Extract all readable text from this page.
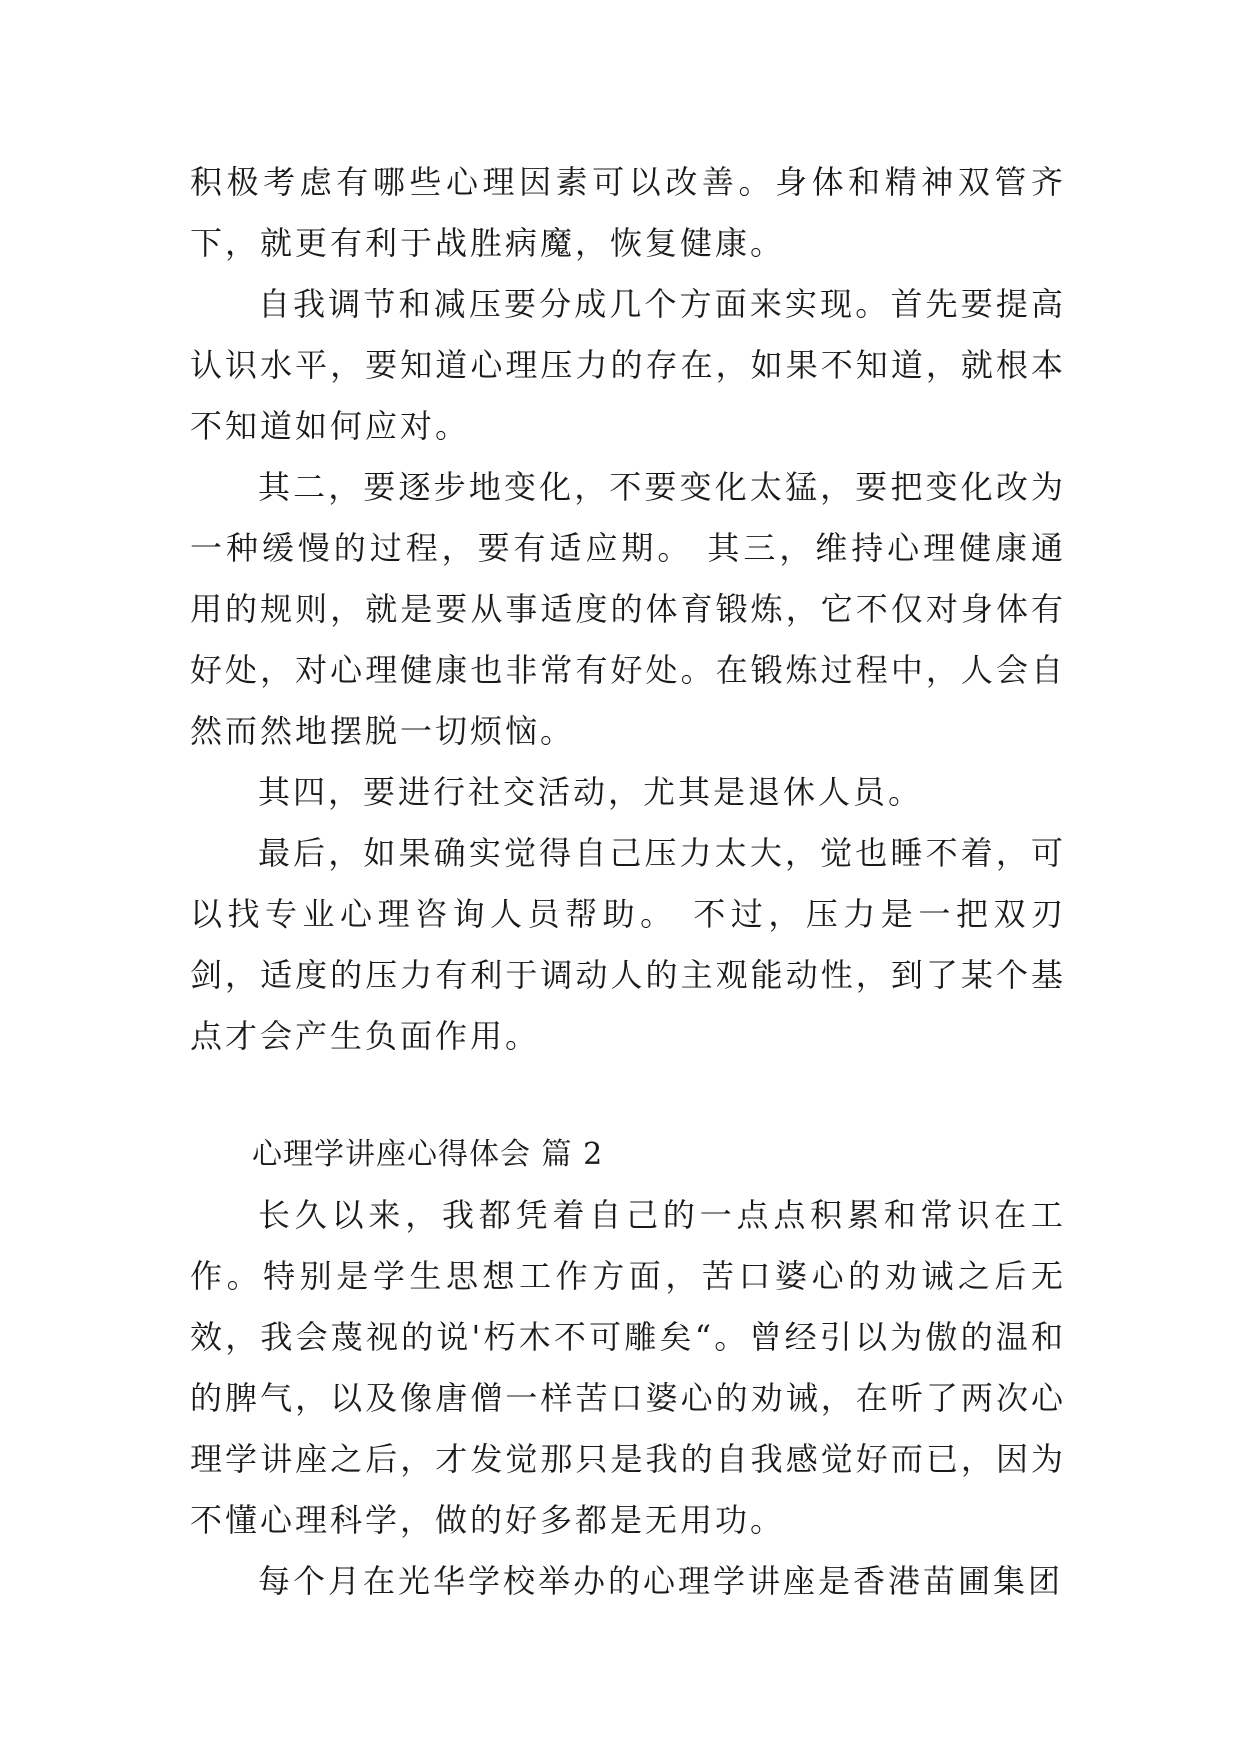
积极考虑有哪些心理因素可以改善。身体和精神双管齐下，就更有利于战胜病魔，恢复健康。

自我调节和减压要分成几个方面来实现。首先要提高认识水平，要知道心理压力的存在，如果不知道，就根本不知道如何应对。

其二，要逐步地变化，不要变化太猛，要把变化改为一种缓慢的过程，要有适应期。 其三，维持心理健康通用的规则，就是要从事适度的体育锻炼，它不仅对身体有好处，对心理健康也非常有好处。在锻炼过程中，人会自然而然地摆脱一切烦恼。

其四，要进行社交活动，尤其是退休人员。

最后，如果确实觉得自己压力太大，觉也睡不着，可以找专业心理咨询人员帮助。 不过，压力是一把双刃剑，适度的压力有利于调动人的主观能动性，到了某个基点才会产生负面作用。

心理学讲座心得体会 篇 2

长久以来，我都凭着自己的一点点积累和常识在工作。特别是学生思想工作方面，苦口婆心的劝诫之后无效，我会蔑视的说'朽木不可雕矣“。曾经引以为傲的温和的脾气，以及像唐僧一样苦口婆心的劝诫，在听了两次心理学讲座之后，才发觉那只是我的自我感觉好而已，因为不懂心理科学，做的好多都是无用功。

每个月在光华学校举办的心理学讲座是香港苗圃集团
